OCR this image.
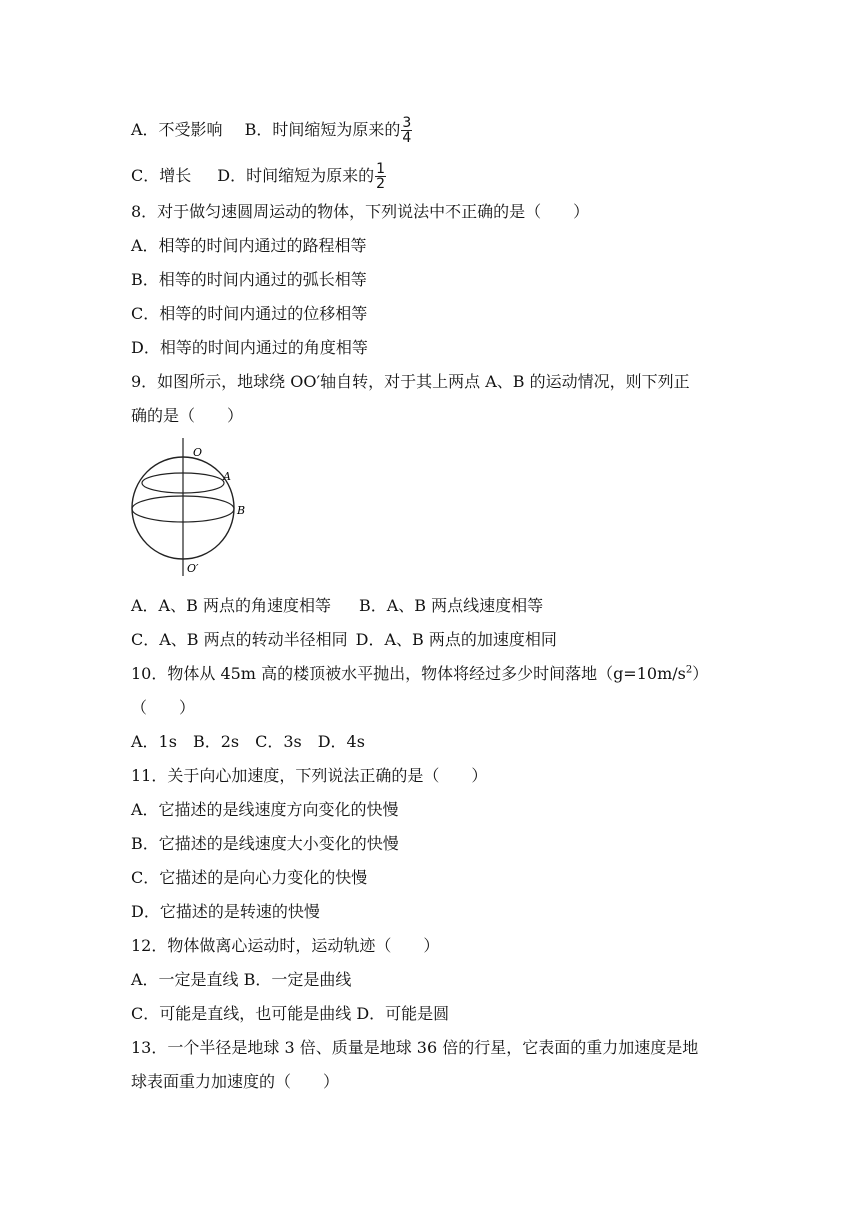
A．不受影响 B．时间缩短为原来的 $\frac{3}{4}$
C．增长 D．时间缩短为原来的 $\frac{1}{2}$
8．对于做匀速圆周运动的物体，下列说法中不正确的是（　　）
A．相等的时间内通过的路程相等
B．相等的时间内通过的弧长相等
C．相等的时间内通过的位移相等
D．相等的时间内通过的角度相等
9．如图所示，地球绕 OO′轴自转，对于其上两点 A、B 的运动情况，则下列正
确的是（　　）
O
A
B
O′
A．A、B 两点的角速度相等 B．A、B 两点线速度相等
C．A、B 两点的转动半径相同 D．A、B 两点的加速度相同
10．物体从 45m 高的楼顶被水平抛出，物体将经过多少时间落地$(g=10m/s^2)$
（　　）
A．1s　B．2s　C．3s　D．4s
11．关于向心加速度，下列说法正确的是（　　）
A．它描述的是线速度方向变化的快慢
B．它描述的是线速度大小变化的快慢
C．它描述的是向心力变化的快慢
D．它描述的是转速的快慢
12．物体做离心运动时，运动轨迹（　　）
A．一定是直线 B．一定是曲线
C．可能是直线，也可能是曲线 D．可能是圆
13．一个半径是地球 3 倍、质量是地球 36 倍的行星，它表面的重力加速度是地
球表面重力加速度的（　　）
